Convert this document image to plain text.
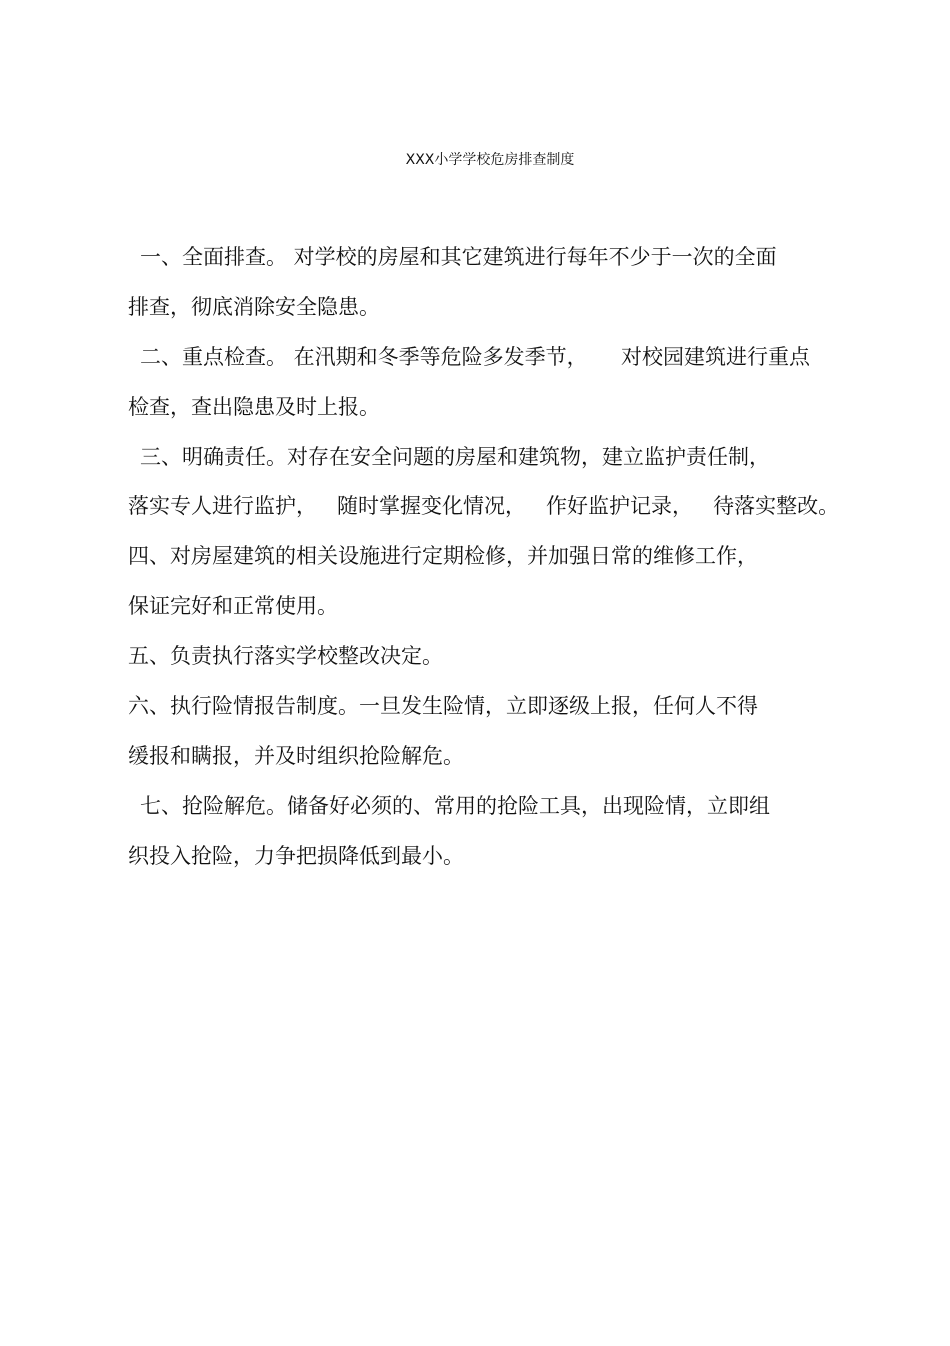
XXX小学学校危房排查制度

一、全面排查。 对学校的房屋和其它建筑进行每年不少于一次的全面

排查，彻底消除安全隐患。

二、重点检查。 在汛期和冬季等危险多发季节，     对校园建筑进行重点

检查，查出隐患及时上报。

三、明确责任。对存在安全问题的房屋和建筑物，建立监护责任制，

落实专人进行监护，   随时掌握变化情况，   作好监护记录，   待落实整改。

四、对房屋建筑的相关设施进行定期检修，并加强日常的维修工作，

保证完好和正常使用。

五、负责执行落实学校整改决定。

六、执行险情报告制度。一旦发生险情，立即逐级上报，任何人不得

缓报和瞒报，并及时组织抢险解危。

七、抢险解危。储备好必须的、常用的抢险工具，出现险情，立即组

织投入抢险，力争把损降低到最小。
